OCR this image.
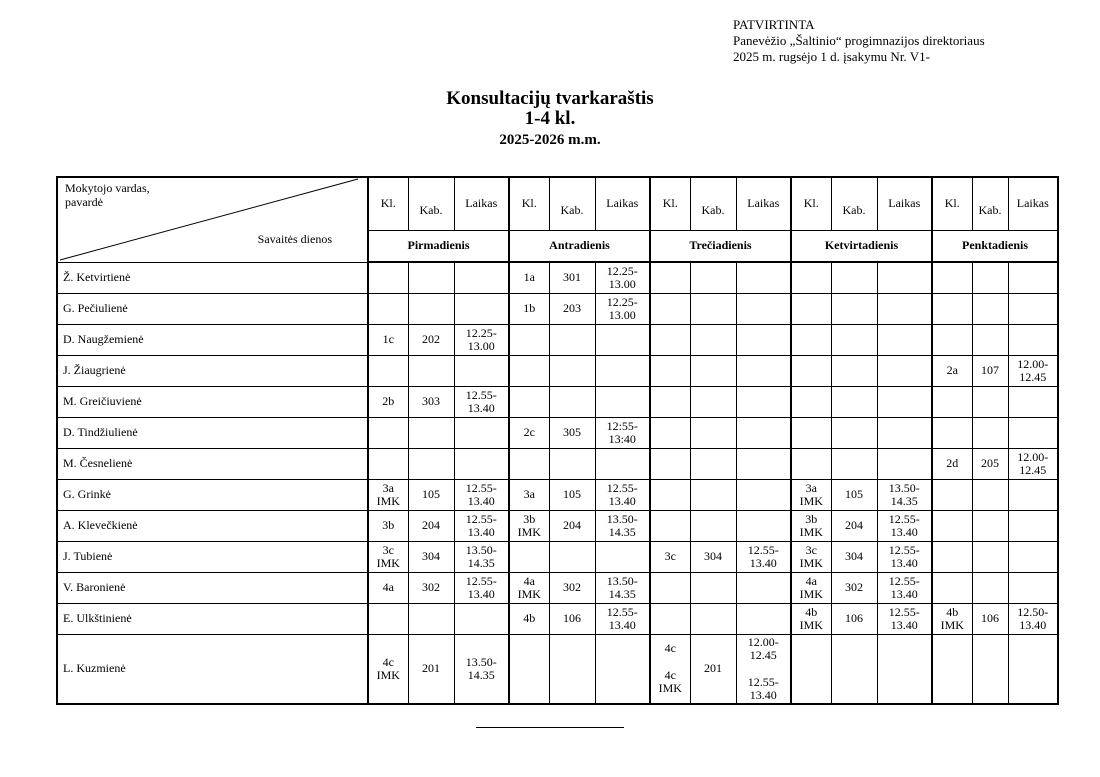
PATVIRTINTA
Panevėžio „Šaltinio“ progimnazijos direktoriaus
2025 m. rugsėjo 1 d. įsakymu Nr. V1-
Konsultacijų tvarkaraštis
1-4 kl.
2025-2026 m.m.
Mokytojo vardas,
pavardė
Savaitės dienos	Kl.	Kab.	Laikas	Kl.	Kab.	Laikas	Kl.	Kab.	Laikas	Kl.	Kab.	Laikas	Kl.	Kab.	Laikas
	Pirmadienis			Antradienis			Trečiadienis			Ketvirtadienis			Penktadienis		
Ž. Ketvirtienė				1a	301	12.25-
13.00									

G. Pečiulienė				1b	203	12.25-
13.00									

D. Naugžemienė	1c	202	12.25-
13.00												

J. Žiaugrienė													2a	107	12.00-
12.45

M. Greičiuvienė	2b	303	12.55-
13.40												

D. Tindžiulienė				2c	305	12:55-
13:40									

M. Česnelienė													2d	205	12.00-
12.45

G. Grinkė	3a
IMK	105	12.55-
13.40	3a	105	12.55-
13.40				3a
IMK	105	13.50-
14.35			

A. Klevečkienė	3b	204	12.55-
13.40	3b
IMK	204	13.50-
14.35				3b
IMK	204	12.55-
13.40			

J. Tubienė	3c
IMK	304	13.50-
14.35				3c	304	12.55-
13.40	3c
IMK	304	12.55-
13.40			

V. Baronienė	4a	302	12.55-
13.40	4a
IMK	302	13.50-
14.35				4a
IMK	302	12.55-
13.40			

E. Ulkštinienė				4b	106	12.55-
13.40				4b
IMK	106	12.55-
13.40	4b
IMK	106	12.50-
13.40

L. Kuzmienė	4c
IMK	201	13.50-
14.35				4c
4c
IMK	201	12.00-
12.45
12.55-
13.40						
